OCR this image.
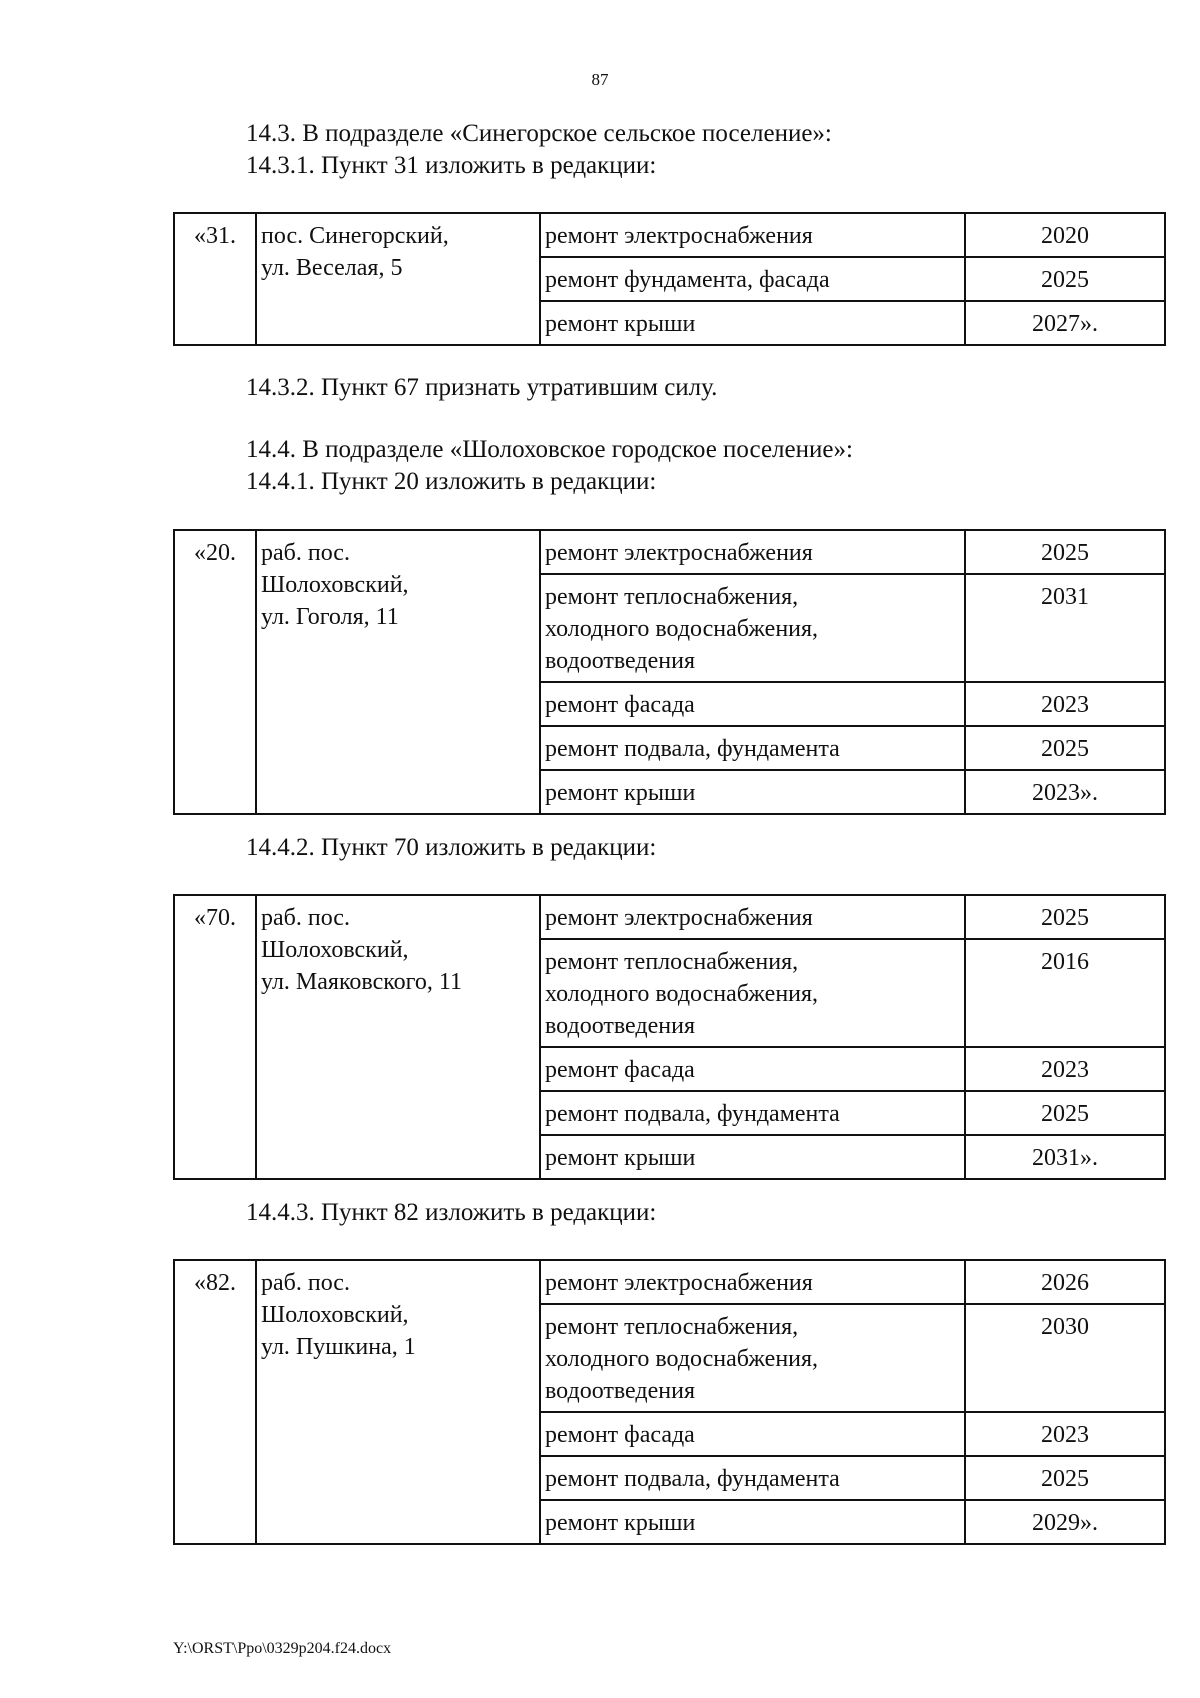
87
14.3. В подразделе «Синегорское сельское поселение»:
14.3.1. Пункт 31 изложить в редакции:
«31.	пос. Синегорский,
ул. Веселая, 5	ремонт электроснабжения	2020
		ремонт фундамента, фасада	2025
		ремонт крыши	2027».
14.3.2. Пункт 67 признать утратившим силу.
14.4. В подразделе «Шолоховское городское поселение»:
14.4.1. Пункт 20 изложить в редакции:
«20.	раб. пос.
Шолоховский,
ул. Гоголя, 11	ремонт электроснабжения	2025

		ремонт теплоснабжения,
холодного водоснабжения,
водоотведения	2031
		ремонт фасада	2023
		ремонт подвала, фундамента	2025
		ремонт крыши	2023».
14.4.2. Пункт 70 изложить в редакции:
«70.	раб. пос.
Шолоховский,
ул. Маяковского, 11	ремонт электроснабжения	2025

		ремонт теплоснабжения,
холодного водоснабжения,
водоотведения	2016
		ремонт фасада	2023
		ремонт подвала, фундамента	2025
		ремонт крыши	2031».
14.4.3. Пункт 82 изложить в редакции:
«82.	раб. пос.
Шолоховский,
ул. Пушкина, 1	ремонт электроснабжения	2026

		ремонт теплоснабжения,
холодного водоснабжения,
водоотведения	2030
		ремонт фасада	2023
		ремонт подвала, фундамента	2025
		ремонт крыши	2029».
Y:\ORST\Ppo\0329p204.f24.docx
